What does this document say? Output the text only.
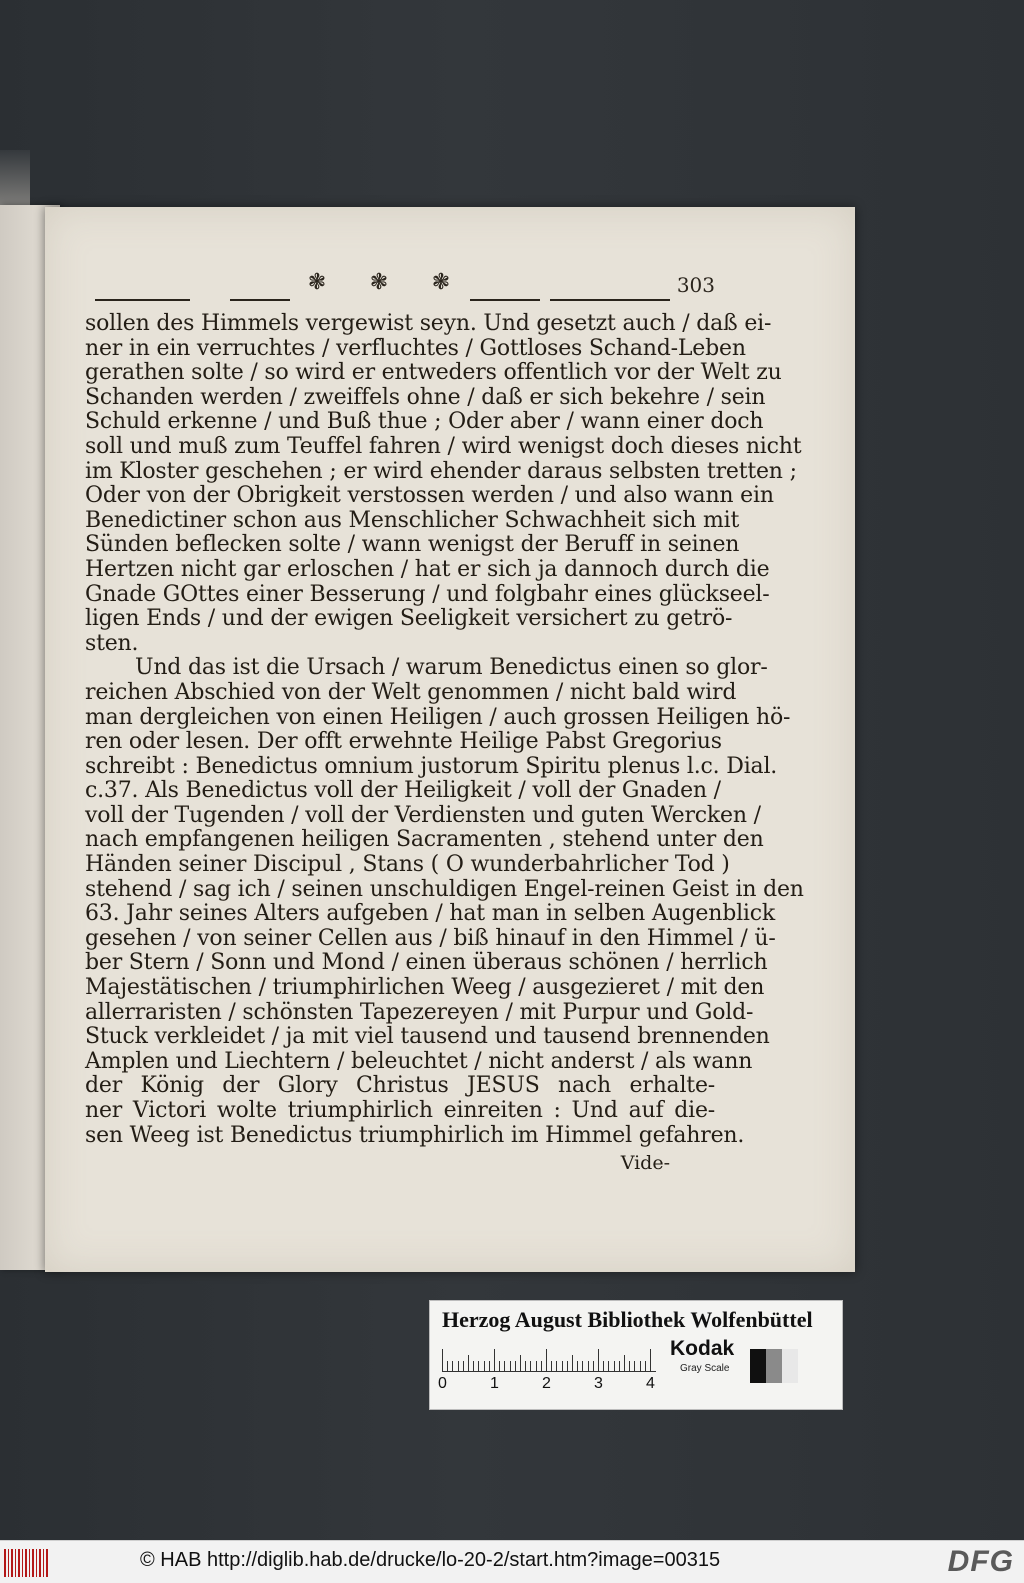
❃ ❃ ❃	303
sollen des Himmels vergewist seyn. Und gesetzt auch / daß ei-
ner in ein verruchtes / verfluchtes / Gottloses Schand-Leben
gerathen solte / so wird er entweders offentlich vor der Welt zu
Schanden werden / zweiffels ohne / daß er sich bekehre / sein
Schuld erkenne / und Buß thue ; Oder aber / wann einer doch
soll und muß zum Teuffel fahren / wird wenigst doch dieses nicht
im Kloster geschehen ; er wird ehender daraus selbsten tretten ;
Oder von der Obrigkeit verstossen werden / und also wann ein
Benedictiner schon aus Menschlicher Schwachheit sich mit
Sünden beflecken solte / wann wenigst der Beruff in seinen
Hertzen nicht gar erloschen / hat er sich ja dannoch durch die
Gnade GOttes einer Besserung / und folgbahr eines glückseel-
ligen Ends / und der ewigen Seeligkeit versichert zu getrö-
sten.
Und das ist die Ursach / warum Benedictus einen so glor-
reichen Abschied von der Welt genommen / nicht bald wird
man dergleichen von einen Heiligen / auch grossen Heiligen hö-
ren oder lesen. Der offt erwehnte Heilige Pabst Gregorius
schreibt : Benedictus omnium justorum Spiritu plenus l.c. Dial.
c.37. Als Benedictus voll der Heiligkeit / voll der Gnaden /
voll der Tugenden / voll der Verdiensten und guten Wercken /
nach empfangenen heiligen Sacramenten , stehend unter den
Händen seiner Discipul , Stans ( O wunderbahrlicher Tod )
stehend / sag ich / seinen unschuldigen Engel-reinen Geist in den
63. Jahr seines Alters aufgeben / hat man in selben Augenblick
gesehen / von seiner Cellen aus / biß hinauf in den Himmel / ü-
ber Stern / Sonn und Mond / einen überaus schönen / herrlich
Majestätischen / triumphirlichen Weeg / ausgezieret / mit den
allerraristen / schönsten Tapezereyen / mit Purpur und Gold-
Stuck verkleidet / ja mit viel tausend und tausend brennenden
Amplen und Liechtern / beleuchtet / nicht anderst / als wann
der König der Glory Christus JESUS nach erhalte-
ner Victori wolte triumphirlich einreiten : Und auf die-
sen Weeg ist Benedictus triumphirlich im Himmel gefahren.
Vide-
Herzog August Bibliothek Wolfenbüttel
0	1	2	3	4
Kodak
Gray Scale
© HAB http://diglib.hab.de/drucke/lo-20-2/start.htm?image=00315	DFG
